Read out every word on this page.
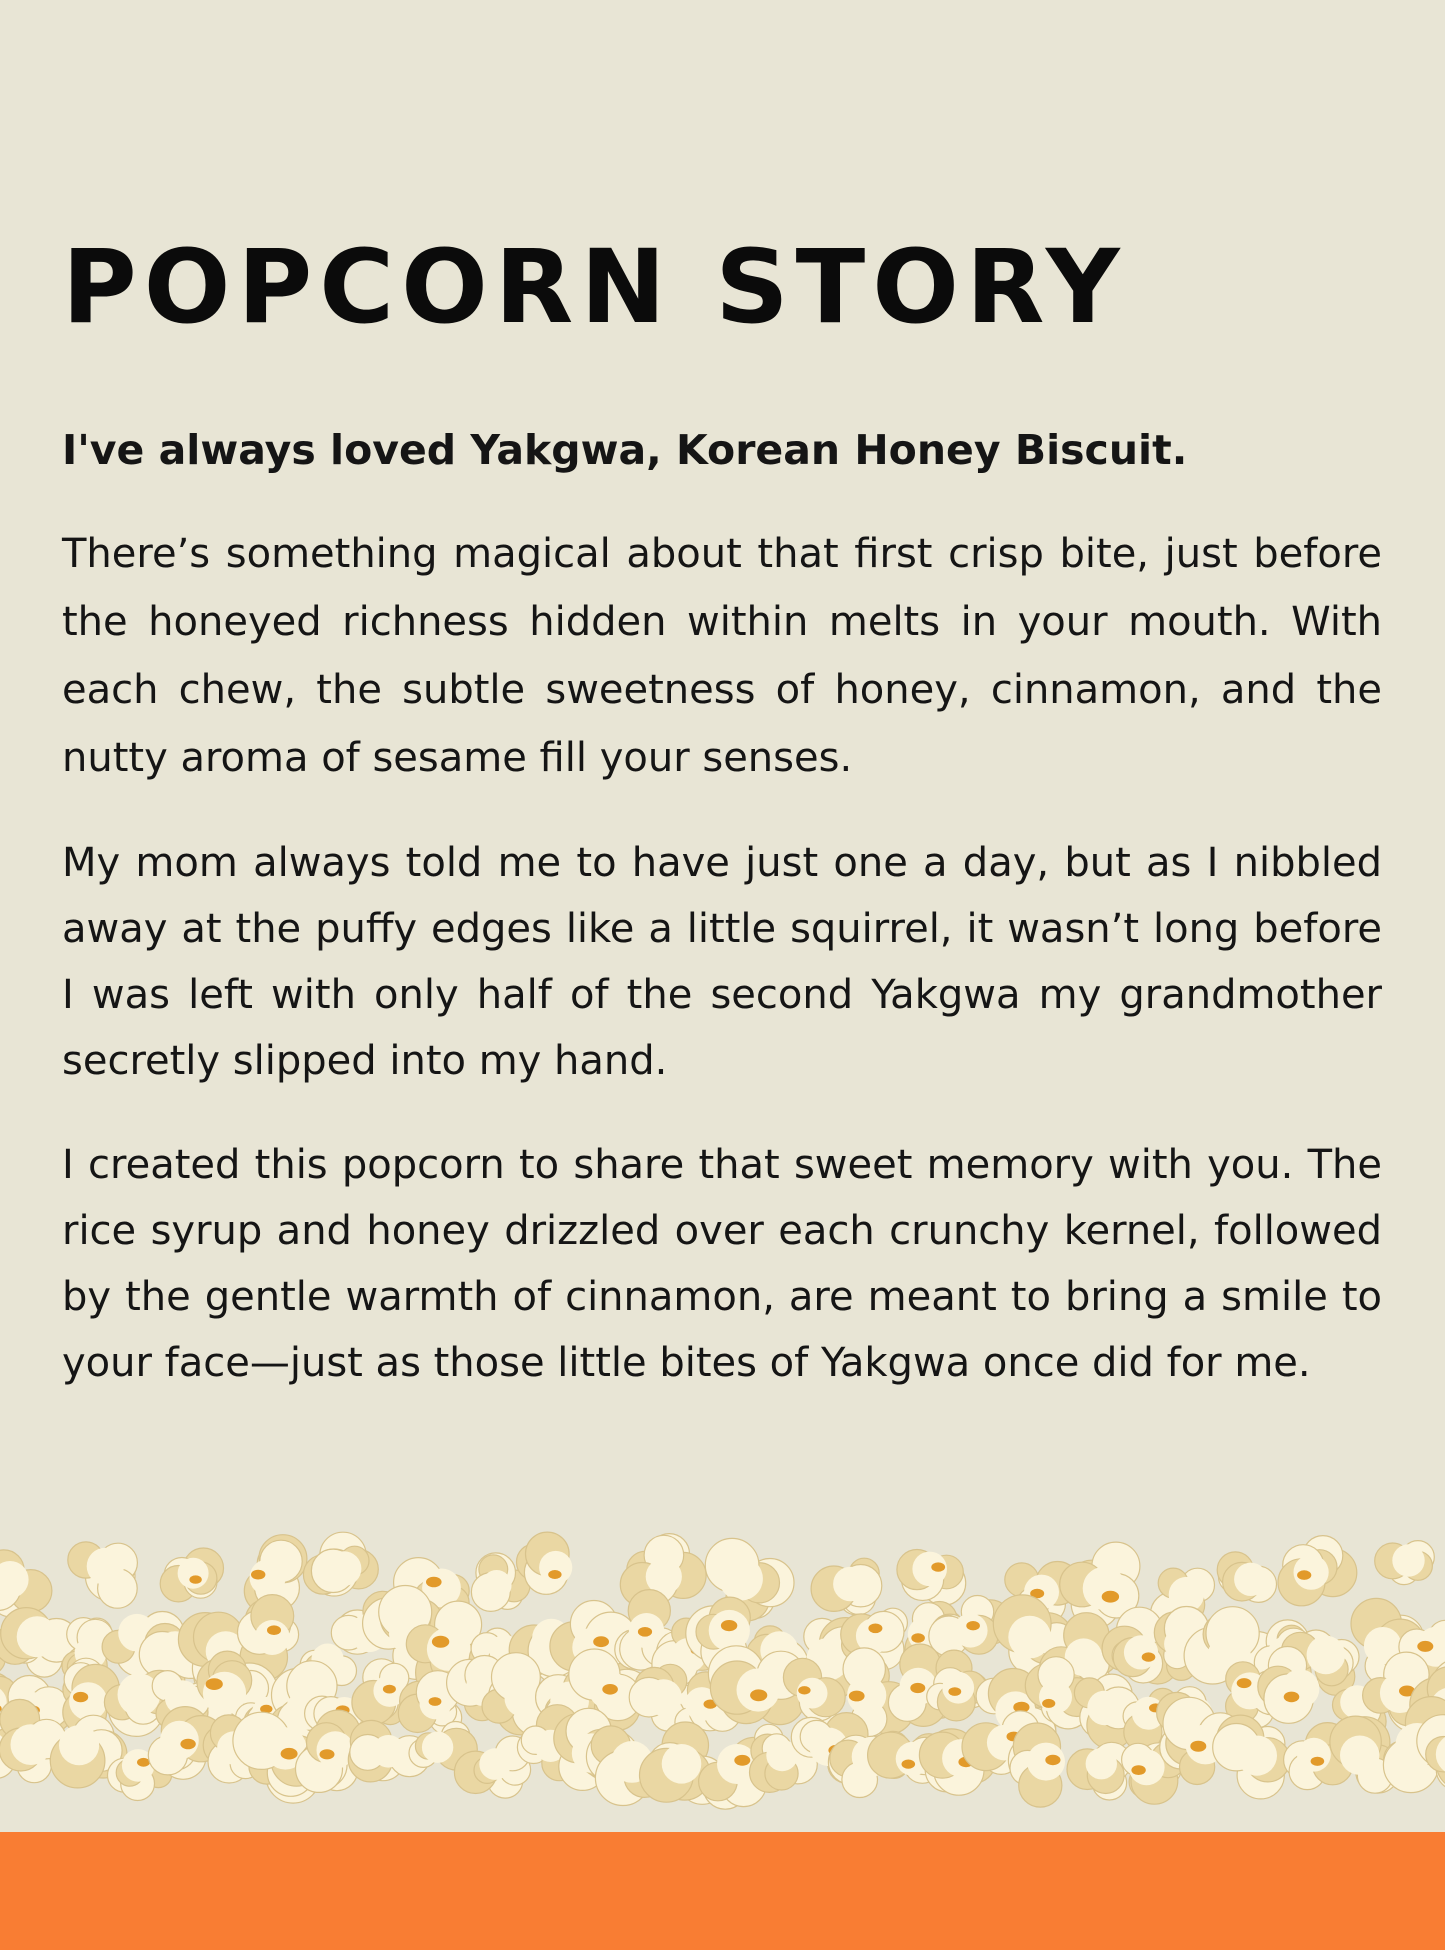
POPCORN STORY

I've always loved Yakgwa, Korean Honey Biscuit.

There’s something magical about that first crisp bite, just before the honeyed richness hidden within melts in your mouth. With each chew, the subtle sweetness of honey, cinnamon, and the nutty aroma of sesame fill your senses.

My mom always told me to have just one a day, but as I nibbled away at the puffy edges like a little squirrel, it wasn’t long before I was left with only half of the second Yakgwa my grandmother secretly slipped into my hand.

I created this popcorn to share that sweet memory with you. The rice syrup and honey drizzled over each crunchy kernel, followed by the gentle warmth of cinnamon, are meant to bring a smile to your face—just as those little bites of Yakgwa once did for me.
